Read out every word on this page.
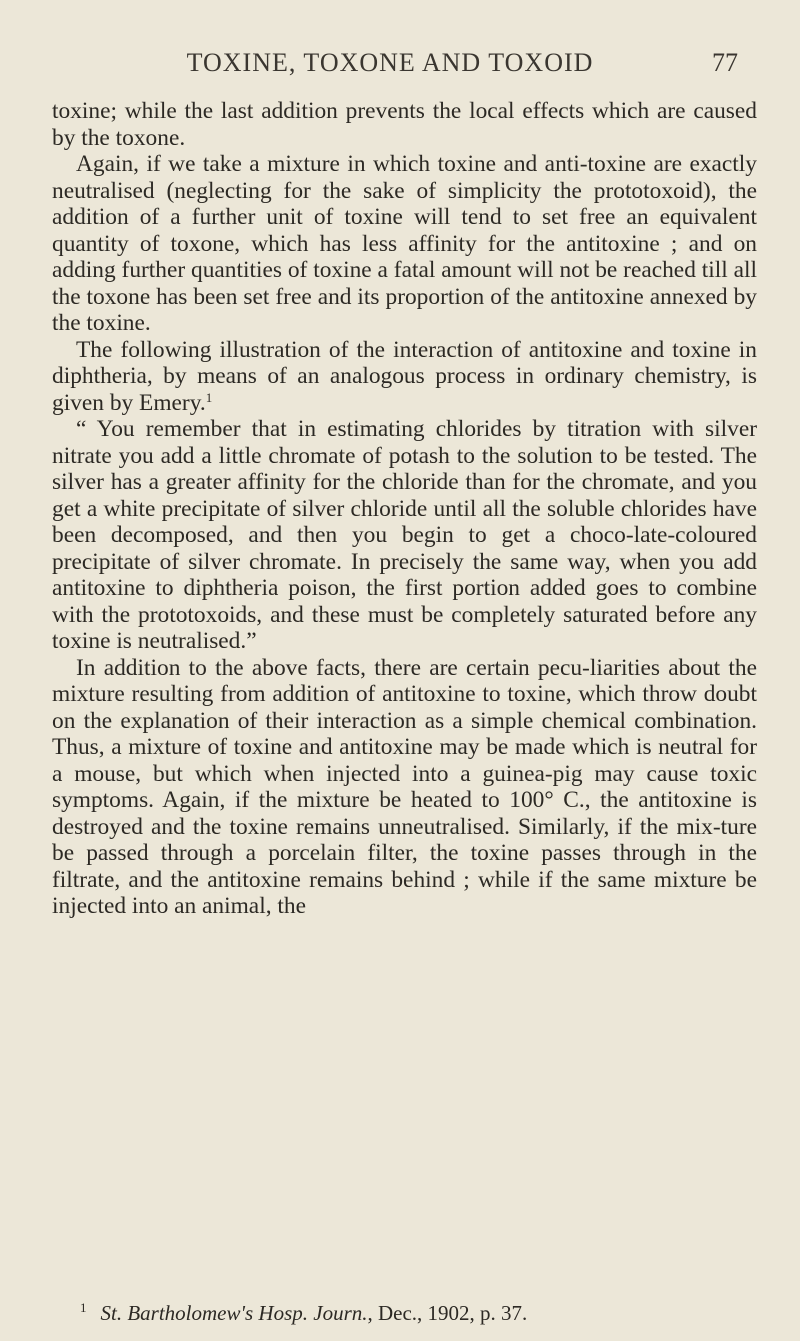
TOXINE, TOXONE AND TOXOID	77

toxine; while the last addition prevents the local effects which are caused by the toxone.

Again, if we take a mixture in which toxine and anti-toxine are exactly neutralised (neglecting for the sake of simplicity the prototoxoid), the addition of a further unit of toxine will tend to set free an equivalent quantity of toxone, which has less affinity for the antitoxine ; and on adding further quantities of toxine a fatal amount will not be reached till all the toxone has been set free and its proportion of the antitoxine annexed by the toxine.

The following illustration of the interaction of antitoxine and toxine in diphtheria, by means of an analogous process in ordinary chemistry, is given by Emery.$^1$

“ You remember that in estimating chlorides by titration with silver nitrate you add a little chromate of potash to the solution to be tested. The silver has a greater affinity for the chloride than for the chromate, and you get a white precipitate of silver chloride until all the soluble chlorides have been decomposed, and then you begin to get a choco-late-coloured precipitate of silver chromate. In precisely the same way, when you add antitoxine to diphtheria poison, the first portion added goes to combine with the prototoxoids, and these must be completely saturated before any toxine is neutralised.”

In addition to the above facts, there are certain pecu-liarities about the mixture resulting from addition of antitoxine to toxine, which throw doubt on the explanation of their interaction as a simple chemical combination. Thus, a mixture of toxine and antitoxine may be made which is neutral for a mouse, but which when injected into a guinea-pig may cause toxic symptoms. Again, if the mixture be heated to 100° C., the antitoxine is destroyed and the toxine remains unneutralised. Similarly, if the mix-ture be passed through a porcelain filter, the toxine passes through in the filtrate, and the antitoxine remains behind ; while if the same mixture be injected into an animal, the

$^1$ St. Bartholomew's Hosp. Journ., Dec., 1902, p. 37.
